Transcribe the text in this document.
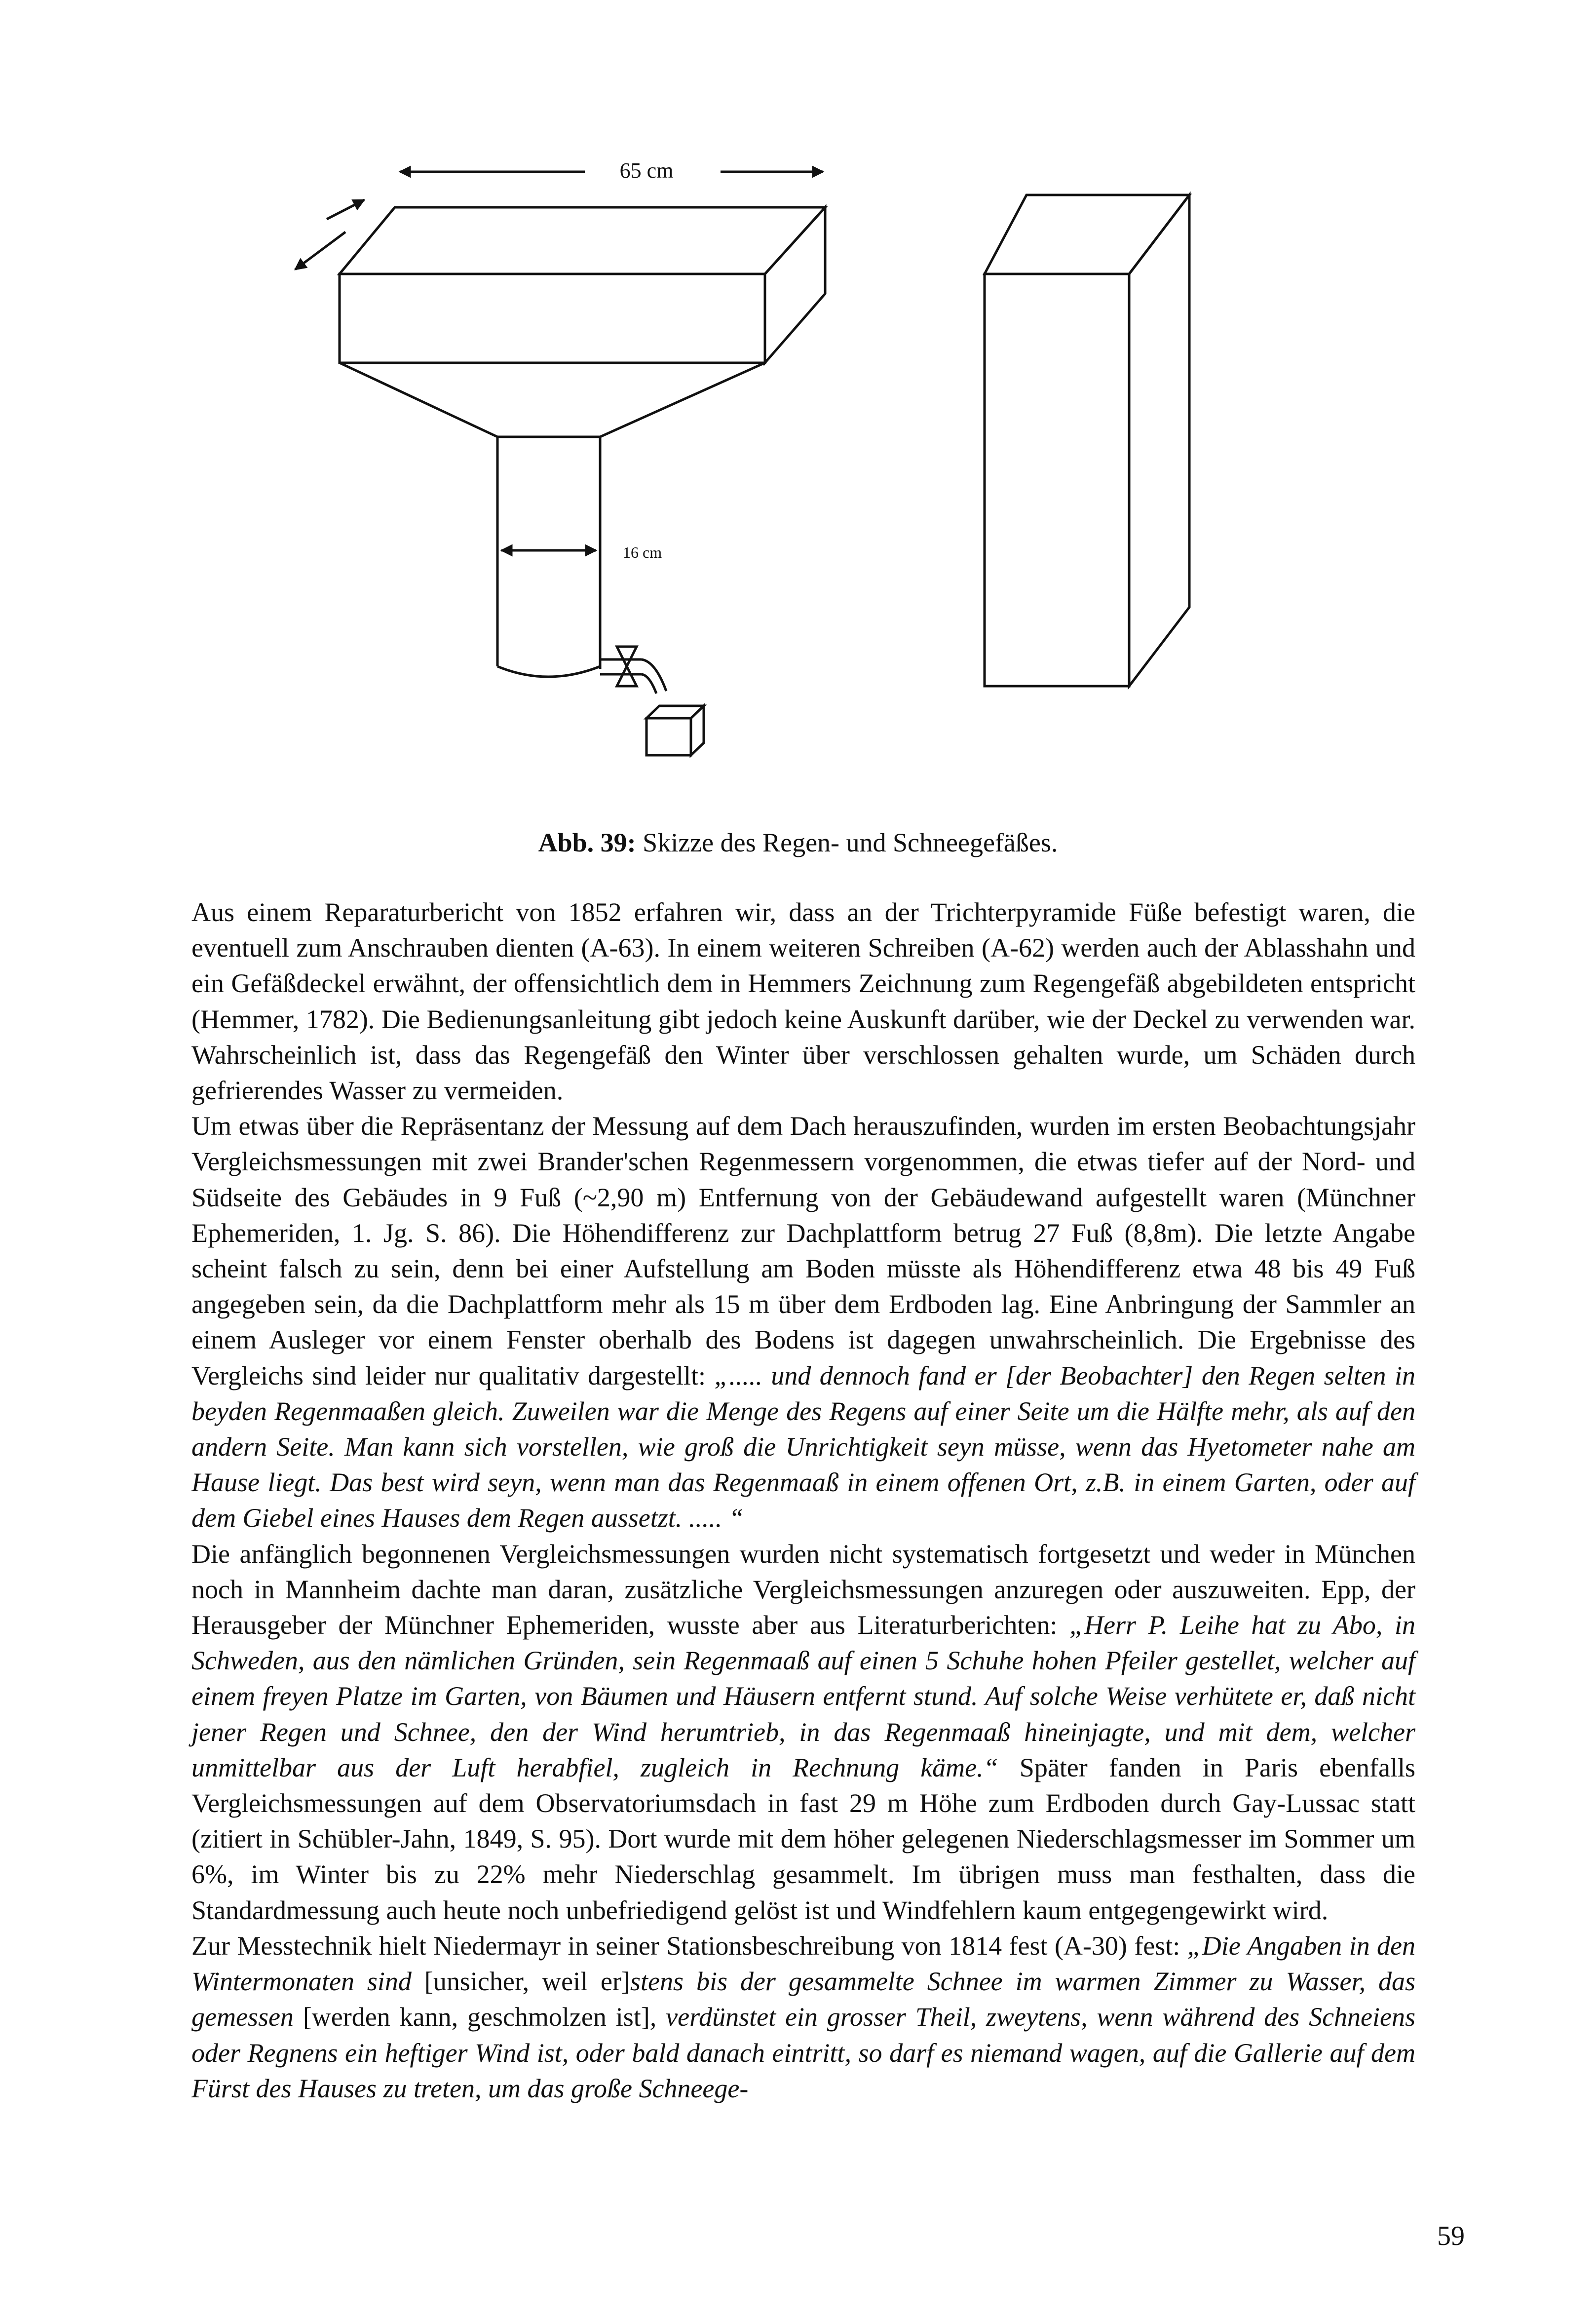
65 cm
16 cm
Abb. 39: Skizze des Regen- und Schneegefäßes.

Aus einem Reparaturbericht von 1852 erfahren wir, dass an der Trichterpyramide Füße befestigt waren, die eventuell zum Anschrauben dienten (A-63). In einem weiteren Schreiben (A-62) werden auch der Ablasshahn und ein Gefäßdeckel erwähnt, der offensichtlich dem in Hemmers Zeichnung zum Regengefäß abgebildeten entspricht (Hemmer, 1782). Die Bedienungsanleitung gibt jedoch keine Auskunft darüber, wie der Deckel zu verwenden war. Wahrscheinlich ist, dass das Regengefäß den Winter über verschlossen gehalten wurde, um Schäden durch gefrierendes Wasser zu vermeiden.

Um etwas über die Repräsentanz der Messung auf dem Dach herauszufinden, wurden im ersten Beobachtungsjahr Vergleichsmessungen mit zwei Brander'schen Regenmessern vorgenommen, die etwas tiefer auf der Nord- und Südseite des Gebäudes in 9 Fuß (~2,90 m) Entfernung von der Gebäudewand aufgestellt waren (Münchner Ephemeriden, 1. Jg. S. 86). Die Höhendifferenz zur Dachplattform betrug 27 Fuß (8,8m). Die letzte Angabe scheint falsch zu sein, denn bei einer Aufstellung am Boden müsste als Höhendifferenz etwa 48 bis 49 Fuß angegeben sein, da die Dachplattform mehr als 15 m über dem Erdboden lag. Eine Anbringung der Sammler an einem Ausleger vor einem Fenster oberhalb des Bodens ist dagegen unwahrscheinlich. Die Ergebnisse des Vergleichs sind leider nur qualitativ dargestellt: „..... und dennoch fand er [der Beobachter] den Regen selten in beyden Regenmaaßen gleich. Zuweilen war die Menge des Regens auf einer Seite um die Hälfte mehr, als auf den andern Seite. Man kann sich vorstellen, wie groß die Unrichtigkeit seyn müsse, wenn das Hyetometer nahe am Hause liegt. Das best wird seyn, wenn man das Regenmaaß in einem offenen Ort, z.B. in einem Garten, oder auf dem Giebel eines Hauses dem Regen aussetzt. ..... “

Die anfänglich begonnenen Vergleichsmessungen wurden nicht systematisch fortgesetzt und weder in München noch in Mannheim dachte man daran, zusätzliche Vergleichsmessungen anzuregen oder auszuweiten. Epp, der Herausgeber der Münchner Ephemeriden, wusste aber aus Literaturberichten: „Herr P. Leihe hat zu Abo, in Schweden, aus den nämlichen Gründen, sein Regenmaaß auf einen 5 Schuhe hohen Pfeiler gestellet, welcher auf einem freyen Platze im Garten, von Bäumen und Häusern entfernt stund. Auf solche Weise verhütete er, daß nicht jener Regen und Schnee, den der Wind herumtrieb, in das Regenmaaß hineinjagte, und mit dem, welcher unmittelbar aus der Luft herabfiel, zugleich in Rechnung käme.“ Später fanden in Paris ebenfalls Vergleichsmessungen auf dem Observatoriumsdach in fast 29 m Höhe zum Erdboden durch Gay-Lussac statt (zitiert in Schübler-Jahn, 1849, S. 95). Dort wurde mit dem höher gelegenen Niederschlagsmesser im Sommer um 6%, im Winter bis zu 22% mehr Niederschlag gesammelt. Im übrigen muss man festhalten, dass die Standardmessung auch heute noch unbefriedigend gelöst ist und Windfehlern kaum entgegengewirkt wird.

Zur Messtechnik hielt Niedermayr in seiner Stationsbeschreibung von 1814 fest (A-30) fest: „Die Angaben in den Wintermonaten sind [unsicher, weil er]stens bis der gesammelte Schnee im warmen Zimmer zu Wasser, das gemessen [werden kann, geschmolzen ist], verdünstet ein grosser Theil, zweytens, wenn während des Schneiens oder Regnens ein heftiger Wind ist, oder bald danach eintritt, so darf es niemand wagen, auf die Gallerie auf dem Fürst des Hauses zu treten, um das große Schneege-

59
